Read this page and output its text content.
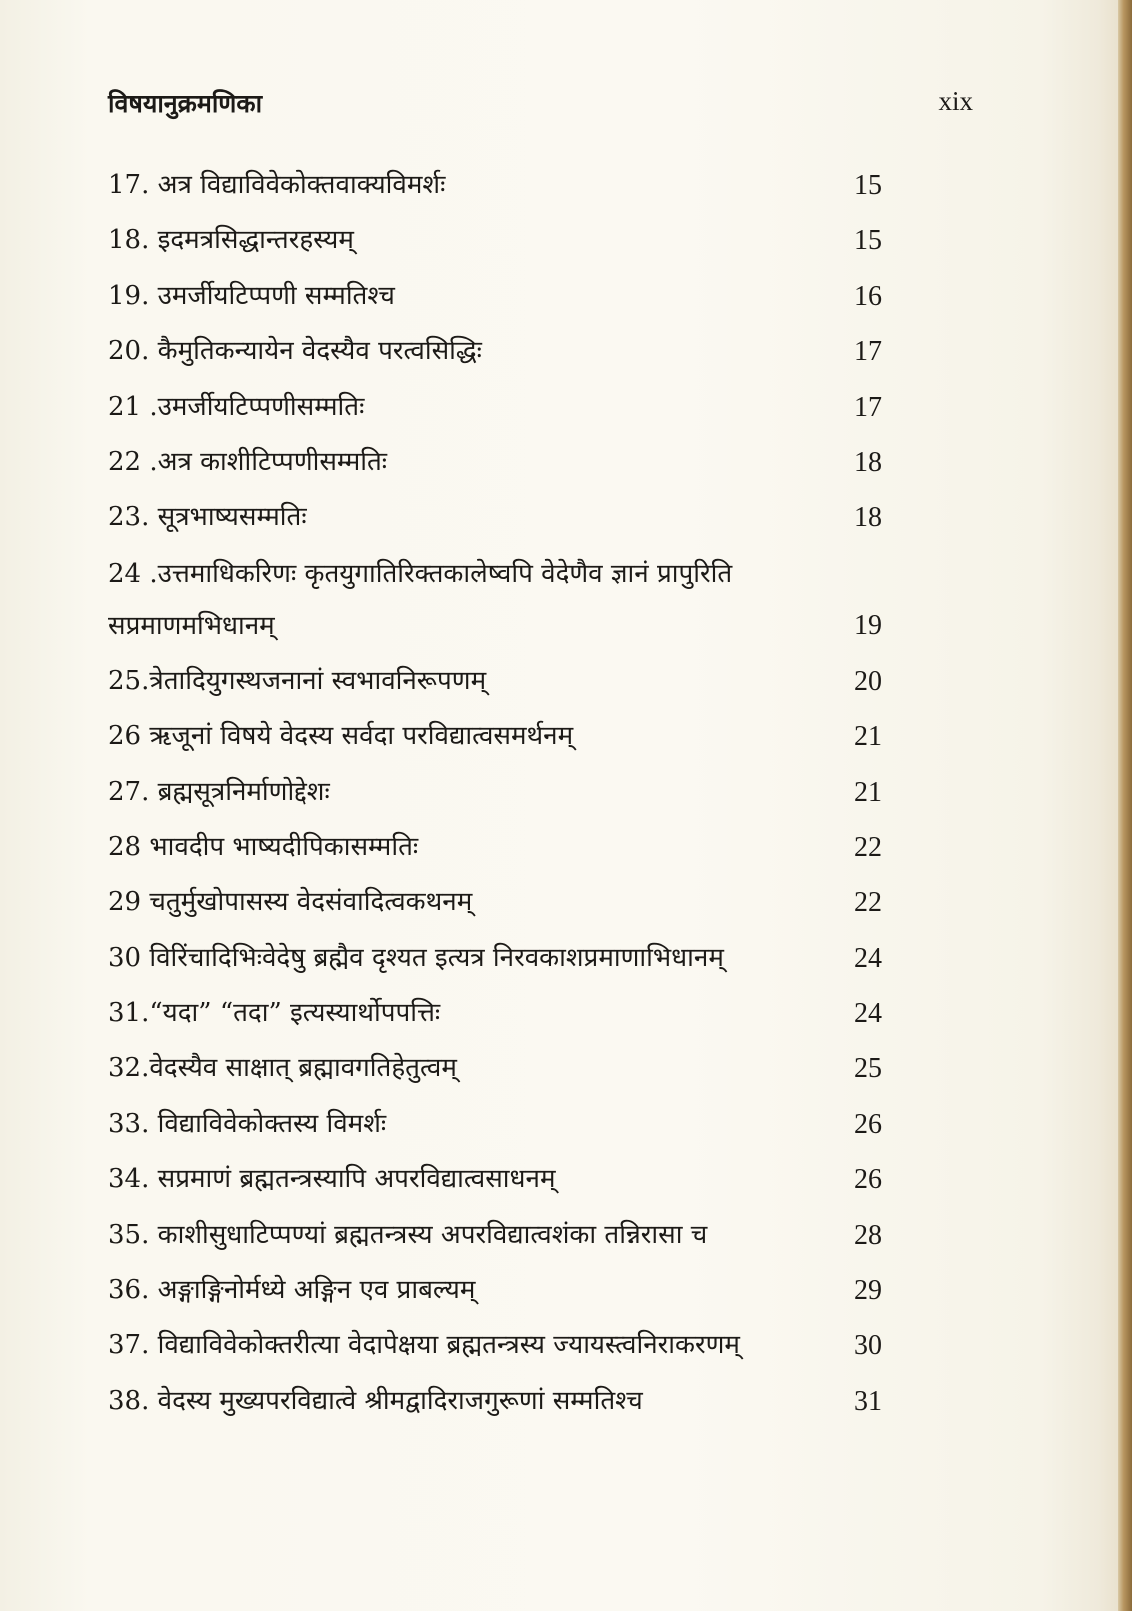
विषयानुक्रमणिका	xix
17. अत्र विद्याविवेकोक्तवाक्यविमर्शः	15
18. इदमत्रसिद्धान्तरहस्यम्	15
19. उमर्जीयटिप्पणी सम्मतिश्च	16
20. कैमुतिकन्यायेन वेदस्यैव परत्वसिद्धिः	17
21 .उमर्जीयटिप्पणीसम्मतिः	17
22 .अत्र काशीटिप्पणीसम्मतिः	18
23. सूत्रभाष्यसम्मतिः	18
24 .उत्तमाधिकरिणः कृतयुगातिरिक्तकालेष्वपि वेदेणैव ज्ञानं प्रापुरिति सप्रमाणमभिधानम्	19
25.त्रेतादियुगस्थजनानां स्वभावनिरूपणम्	20
26 ऋजूनां विषये वेदस्य सर्वदा परविद्यात्वसमर्थनम्	21
27. ब्रह्मसूत्रनिर्माणोद्देशः	21
28 भावदीप भाष्यदीपिकासम्मतिः	22
29 चतुर्मुखोपासस्य वेदसंवादित्वकथनम्	22
30 विरिंचादिभिःवेदेषु ब्रह्मैव दृश्यत इत्यत्र निरवकाशप्रमाणाभिधानम्	24
31.“यदा” “तदा” इत्यस्यार्थोपपत्तिः	24
32.वेदस्यैव साक्षात् ब्रह्मावगतिहेतुत्वम्	25
33. विद्याविवेकोक्तस्य विमर्शः	26
34. सप्रमाणं ब्रह्मतन्त्रस्यापि अपरविद्यात्वसाधनम्	26
35. काशीसुधाटिप्पण्यां ब्रह्मतन्त्रस्य अपरविद्यात्वशंका तन्निरासा च	28
36. अङ्गाङ्गिनोर्मध्ये अङ्गिन एव प्राबल्यम्	29
37. विद्याविवेकोक्तरीत्या वेदापेक्षया ब्रह्मतन्त्रस्य ज्यायस्त्वनिराकरणम्	30
38. वेदस्य मुख्यपरविद्यात्वे श्रीमद्वादिराजगुरूणां सम्मतिश्च	31
